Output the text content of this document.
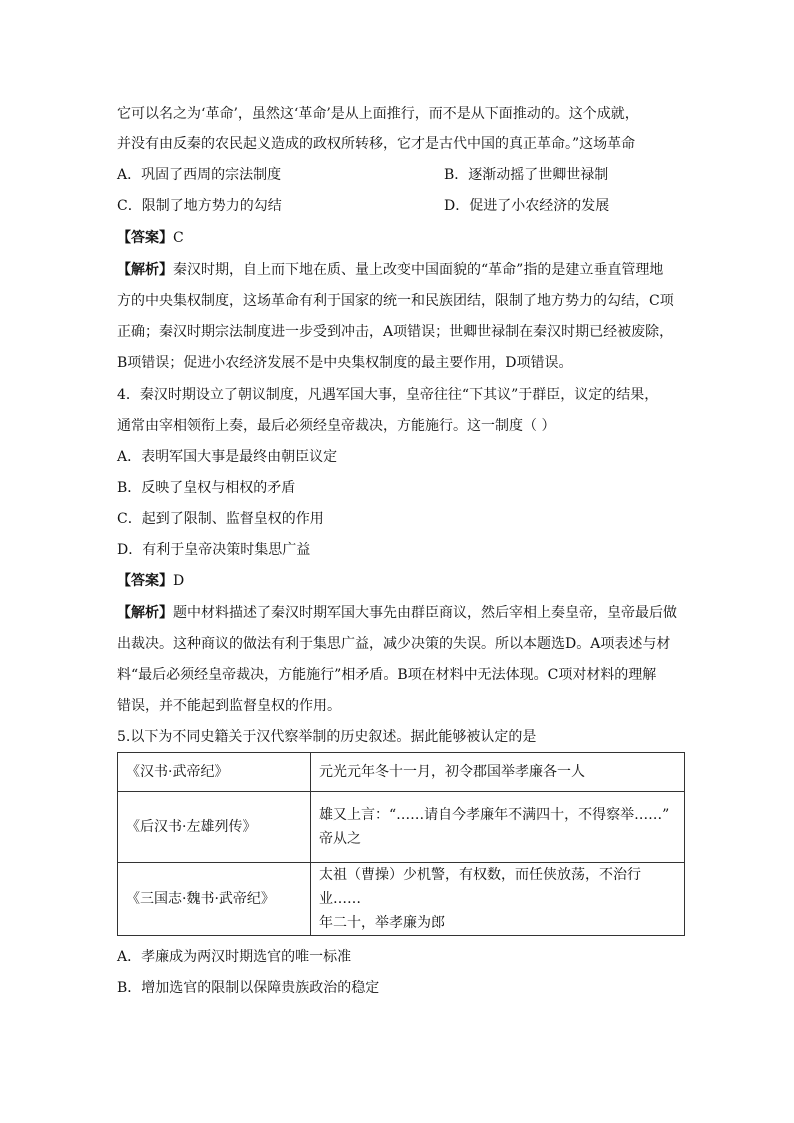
它可以名之为‘革命’，虽然这‘革命’是从上面推行，而不是从下面推动的。这个成就，
并没有由反秦的农民起义造成的政权所转移，它才是古代中国的真正革命。”这场革命
A．巩固了西周的宗法制度	B．逐渐动摇了世卿世禄制
C．限制了地方势力的勾结	D．促进了小农经济的发展
【答案】C
【解析】秦汉时期，自上而下地在质、量上改变中国面貌的“革命”指的是建立垂直管理地
方的中央集权制度，这场革命有利于国家的统一和民族团结，限制了地方势力的勾结，C项
正确；秦汉时期宗法制度进一步受到冲击，A项错误；世卿世禄制在秦汉时期已经被废除，
B项错误；促进小农经济发展不是中央集权制度的最主要作用，D项错误。
4．秦汉时期设立了朝议制度，凡遇军国大事，皇帝往往“下其议”于群臣，议定的结果，
通常由宰相领衔上奏，最后必须经皇帝裁决，方能施行。这一制度（ ）
A．表明军国大事是最终由朝臣议定
B．反映了皇权与相权的矛盾
C．起到了限制、监督皇权的作用
D．有利于皇帝决策时集思广益
【答案】D
【解析】题中材料描述了秦汉时期军国大事先由群臣商议，然后宰相上奏皇帝，皇帝最后做
出裁决。这种商议的做法有利于集思广益，减少决策的失误。所以本题选D。A项表述与材
料“最后必须经皇帝裁决，方能施行”相矛盾。B项在材料中无法体现。C项对材料的理解
错误，并不能起到监督皇权的作用。
5.以下为不同史籍关于汉代察举制的历史叙述。据此能够被认定的是
《汉书·武帝纪》	元光元年冬十一月，初令郡国举孝廉各一人

《后汉书·左雄列传》	雄又上言：“……请自今孝廉年不满四十，不得察举……”
帝从之

《三国志·魏书·武帝纪》	太祖（曹操）少机警，有权数，而任侠放荡，不治行业……
年二十，举孝廉为郎
A．孝廉成为两汉时期选官的唯一标准
B．增加选官的限制以保障贵族政治的稳定
